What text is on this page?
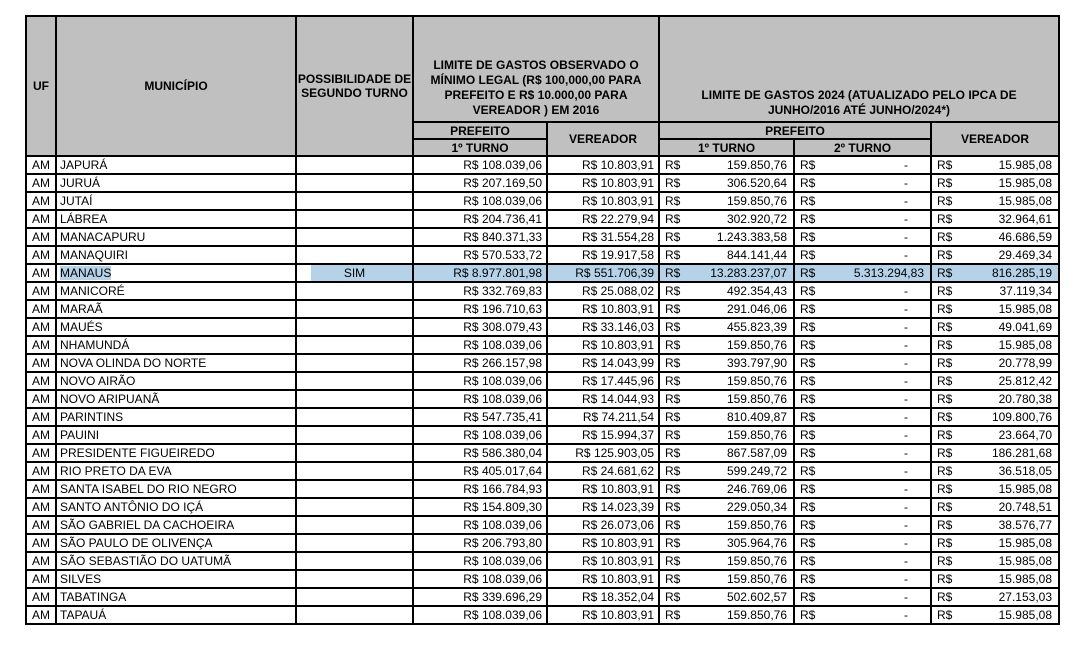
UF	MUNICÍPIO	POSSIBILIDADE DE SEGUNDO TURNO	LIMITE DE GASTOS OBSERVADO O MÍNIMO LEGAL (R$ 100,000,00 PARA PREFEITO E R$ 10.000,00 PARA VEREADOR ) EM 2016		LIMITE DE GASTOS 2024 (ATUALIZADO PELO IPCA DE JUNHO/2016 ATÉ JUNHO/2024*)		
			PREFEITO	VEREADOR	PREFEITO		VEREADOR
			1º TURNO		1º TURNO	2º TURNO	
AM	JAPURÁ		R$ 108.039,06	R$ 10.803,91	R$ 159.850,76	R$ -	R$ 15.985,08
AM	JURUÁ		R$ 207.169,50	R$ 10.803,91	R$ 306.520,64	R$ -	R$ 15.985,08
AM	JUTAÍ		R$ 108.039,06	R$ 10.803,91	R$ 159.850,76	R$ -	R$ 15.985,08
AM	LÁBREA		R$ 204.736,41	R$ 22.279,94	R$ 302.920,72	R$ -	R$ 32.964,61
AM	MANACAPURU		R$ 840.371,33	R$ 31.554,28	R$ 1.243.383,58	R$ -	R$ 46.686,59
AM	MANAQUIRI		R$ 570.533,72	R$ 19.917,58	R$ 844.141,44	R$ -	R$ 29.469,34
AM	MANAUS	SIM	R$ 8.977.801,98	R$ 551.706,39	R$ 13.283.237,07	R$ 5.313.294,83	R$ 816.285,19
AM	MANICORÉ		R$ 332.769,83	R$ 25.088,02	R$ 492.354,43	R$ -	R$ 37.119,34
AM	MARAÃ		R$ 196.710,63	R$ 10.803,91	R$ 291.046,06	R$ -	R$ 15.985,08
AM	MAUÉS		R$ 308.079,43	R$ 33.146,03	R$ 455.823,39	R$ -	R$ 49.041,69
AM	NHAMUNDÁ		R$ 108.039,06	R$ 10.803,91	R$ 159.850,76	R$ -	R$ 15.985,08
AM	NOVA OLINDA DO NORTE		R$ 266.157,98	R$ 14.043,99	R$ 393.797,90	R$ -	R$ 20.778,99
AM	NOVO AIRÃO		R$ 108.039,06	R$ 17.445,96	R$ 159.850,76	R$ -	R$ 25.812,42
AM	NOVO ARIPUANÃ		R$ 108.039,06	R$ 14.044,93	R$ 159.850,76	R$ -	R$ 20.780,38
AM	PARINTINS		R$ 547.735,41	R$ 74.211,54	R$ 810.409,87	R$ -	R$ 109.800,76
AM	PAUINI		R$ 108.039,06	R$ 15.994,37	R$ 159.850,76	R$ -	R$ 23.664,70
AM	PRESIDENTE FIGUEIREDO		R$ 586.380,04	R$ 125.903,05	R$ 867.587,09	R$ -	R$ 186.281,68
AM	RIO PRETO DA EVA		R$ 405.017,64	R$ 24.681,62	R$ 599.249,72	R$ -	R$ 36.518,05
AM	SANTA ISABEL DO RIO NEGRO		R$ 166.784,93	R$ 10.803,91	R$ 246.769,06	R$ -	R$ 15.985,08
AM	SANTO ANTÔNIO DO IÇÁ		R$ 154.809,30	R$ 14.023,39	R$ 229.050,34	R$ -	R$ 20.748,51
AM	SÃO GABRIEL DA CACHOEIRA		R$ 108.039,06	R$ 26.073,06	R$ 159.850,76	R$ -	R$ 38.576,77
AM	SÃO PAULO DE OLIVENÇA		R$ 206.793,80	R$ 10.803,91	R$ 305.964,76	R$ -	R$ 15.985,08
AM	SÃO SEBASTIÃO DO UATUMÃ		R$ 108.039,06	R$ 10.803,91	R$ 159.850,76	R$ -	R$ 15.985,08
AM	SILVES		R$ 108.039,06	R$ 10.803,91	R$ 159.850,76	R$ -	R$ 15.985,08
AM	TABATINGA		R$ 339.696,29	R$ 18.352,04	R$ 502.602,57	R$ -	R$ 27.153,03
AM	TAPAUÁ		R$ 108.039,06	R$ 10.803,91	R$ 159.850,76	R$ -	R$ 15.985,08
